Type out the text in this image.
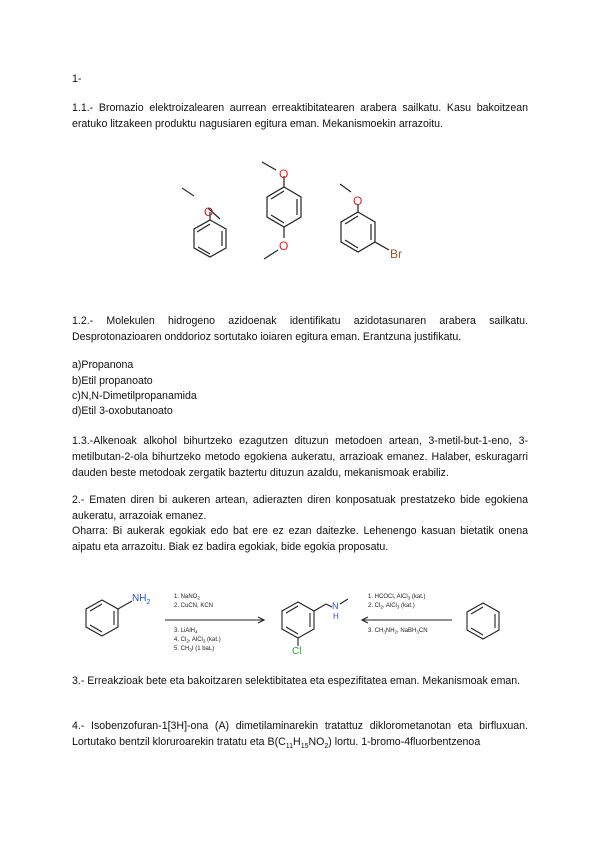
1-

1.1.- Bromazio elektroizalearen aurrean erreaktibitatearen arabera sailkatu. Kasu bakoitzean eratuko litzakeen produktu nagusiaren egitura eman. Mekanismoekin arrazoitu.

O
O
O
O
Br

1.2.- Molekulen hidrogeno azidoenak identifikatu azidotasunaren arabera sailkatu. Desprotonazioaren onddorioz sortutako ioiaren egitura eman. Erantzuna justifikatu.

a)Propanona

b)Etil propanoato

c)N,N-Dimetilpropanamida

d)Etil 3-oxobutanoato

1.3.-Alkenoak alkohol bihurtzeko ezagutzen dituzun metodoen artean, 3-metil-but-1-eno, 3-metilbutan-2-ola bihurtzeko metodo egokiena aukeratu, arrazioak emanez. Halaber, eskuragarri dauden beste metodoak zergatik baztertu dituzun azaldu, mekanismoak erabiliz.

2.- Ematen diren bi aukeren artean, adierazten diren konposatuak prestatzeko bide egokiena aukeratu, arrazoiak emanez.

Oharra: Bi aukerak egokiak edo bat ere ez ezan daitezke. Lehenengo kasuan bietatik onena aipatu eta arrazoitu. Biak ez badira egokiak, bide egokia proposatu.

$NH_2$	N
H
Cl
1. NaNO$_2$
2. CuCN, KCN
3. LiAlH$_4$
4. $Cl_2$, AlCl$_3$ (kat.)
5. $CH_3I$ (1 baL)
1. HCOCl, AlCl$_3$ (kat.)
2. $Cl_2$, AlCl$_3$ (kat.)
3. $CH_3NH_2$, NaBH$_3$CN

3.- Erreakzioak bete eta bakoitzaren selektibitatea eta espezifitatea eman. Mekanismoak eman.

4.- Isobenzofuran-1[3H]-ona (A) dimetilaminarekin tratattuz diklorometanotan eta birfluxuan. Lortutako bentzil kloruroarekin tratatu eta $B(C_{11}H_{15}NO_2)$ lortu. 1-bromo-4fluorbentzenoa
